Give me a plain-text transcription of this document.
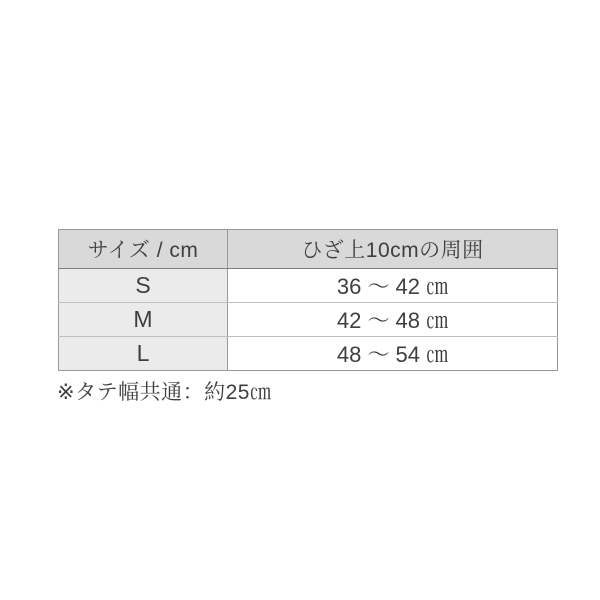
サイズ / cm	ひざ上10cmの周囲
S	36 〜 42 ㎝
M	42 〜 48 ㎝
L	48 〜 54 ㎝
※タテ幅共通：約25㎝
